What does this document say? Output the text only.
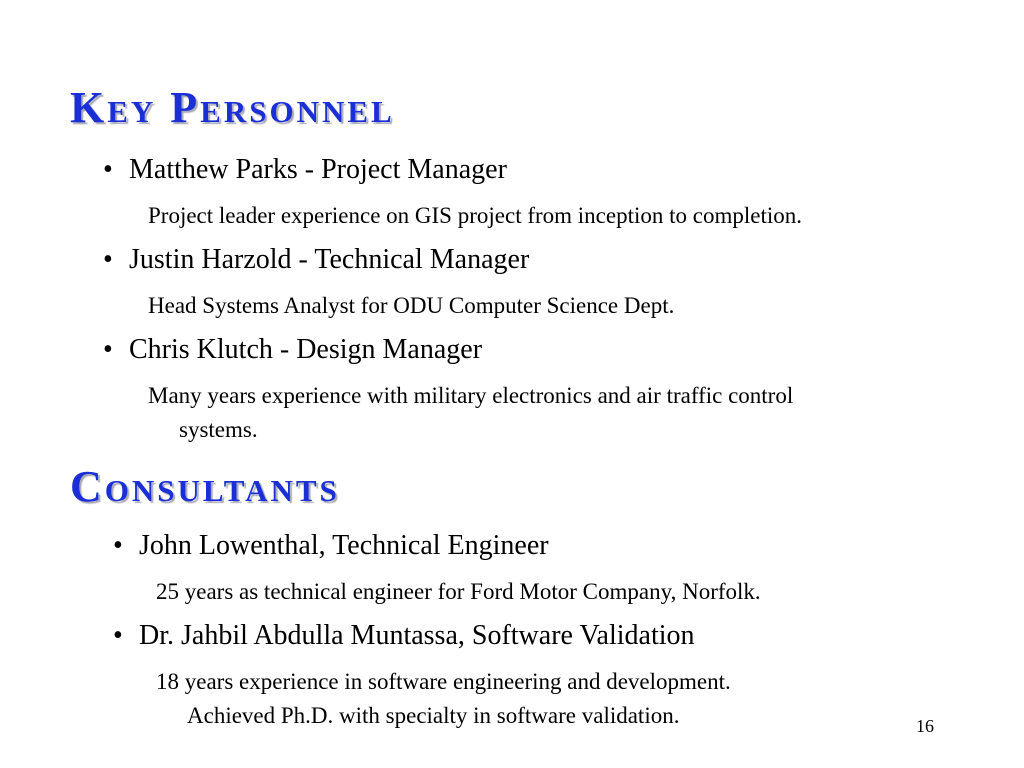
Key Personnel
• Matthew Parks - Project Manager
Project leader experience on GIS project from inception to completion.
• Justin Harzold - Technical Manager
Head Systems Analyst for ODU Computer Science Dept.
• Chris Klutch - Design Manager
Many years experience with military electronics and air traffic control
systems.
Consultants
• John Lowenthal, Technical Engineer
25 years as technical engineer for Ford Motor Company, Norfolk.
• Dr. Jahbil Abdulla Muntassa, Software Validation
18 years experience in software engineering and development.
Achieved Ph.D. with specialty in software validation.	16
